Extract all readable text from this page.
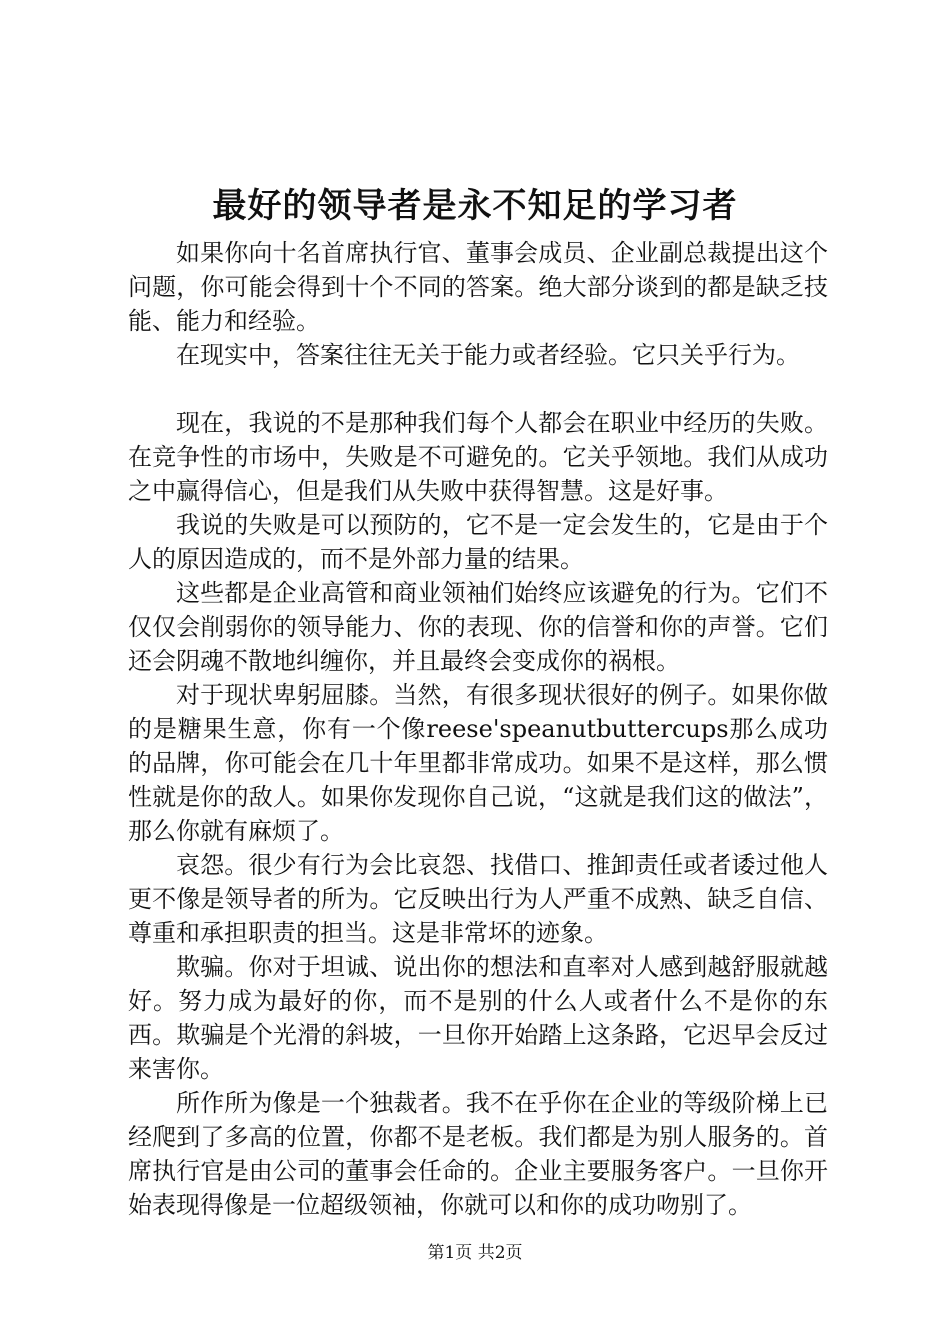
最好的领导者是永不知足的学习者

如果你向十名首席执行官、董事会成员、企业副总裁提出这个问题，你可能会得到十个不同的答案。绝大部分谈到的都是缺乏技能、能力和经验。

在现实中，答案往往无关于能力或者经验。它只关乎行为。

现在，我说的不是那种我们每个人都会在职业中经历的失败。在竞争性的市场中，失败是不可避免的。它关乎领地。我们从成功之中赢得信心，但是我们从失败中获得智慧。这是好事。

我说的失败是可以预防的，它不是一定会发生的，它是由于个人的原因造成的，而不是外部力量的结果。

这些都是企业高管和商业领袖们始终应该避免的行为。它们不仅仅会削弱你的领导能力、你的表现、你的信誉和你的声誉。它们还会阴魂不散地纠缠你，并且最终会变成你的祸根。

对于现状卑躬屈膝。当然，有很多现状很好的例子。如果你做的是糖果生意，你有一个像reese'speanutbuttercups那么成功的品牌，你可能会在几十年里都非常成功。如果不是这样，那么惯性就是你的敌人。如果你发现你自己说，“这就是我们这的做法”，那么你就有麻烦了。

哀怨。很少有行为会比哀怨、找借口、推卸责任或者诿过他人更不像是领导者的所为。它反映出行为人严重不成熟、缺乏自信、尊重和承担职责的担当。这是非常坏的迹象。

欺骗。你对于坦诚、说出你的想法和直率对人感到越舒服就越好。努力成为最好的你，而不是别的什么人或者什么不是你的东西。欺骗是个光滑的斜坡，一旦你开始踏上这条路，它迟早会反过来害你。

所作所为像是一个独裁者。我不在乎你在企业的等级阶梯上已经爬到了多高的位置，你都不是老板。我们都是为别人服务的。首席执行官是由公司的董事会任命的。企业主要服务客户。一旦你开始表现得像是一位超级领袖，你就可以和你的成功吻别了。

第1页 共2页
